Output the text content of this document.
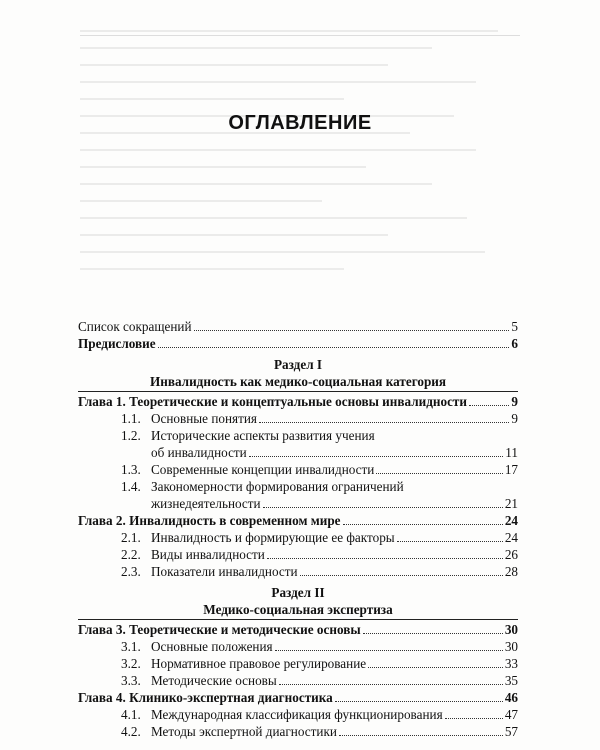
ОГЛАВЛЕНИЕ
Список сокращений	5
Предисловие	6
Раздел I
Инвалидность как медико-социальная категория
Глава 1. Теоретические и концептуальные основы инвалидности	9
1.1. Основные понятия	9
1.2. Исторические аспекты развития учения
об инвалидности	11
1.3. Современные концепции инвалидности	17
1.4. Закономерности формирования ограничений
жизнедеятельности	21
Глава 2. Инвалидность в современном мире	24
2.1. Инвалидность и формирующие ее факторы	24
2.2. Виды инвалидности	26
2.3. Показатели инвалидности	28
Раздел II
Медико-социальная экспертиза
Глава 3. Теоретические и методические основы	30
3.1. Основные положения	30
3.2. Нормативное правовое регулирование	33
3.3. Методические основы	35
Глава 4. Клинико-экспертная диагностика	46
4.1. Международная классификация функционирования	47
4.2. Методы экспертной диагностики	57
